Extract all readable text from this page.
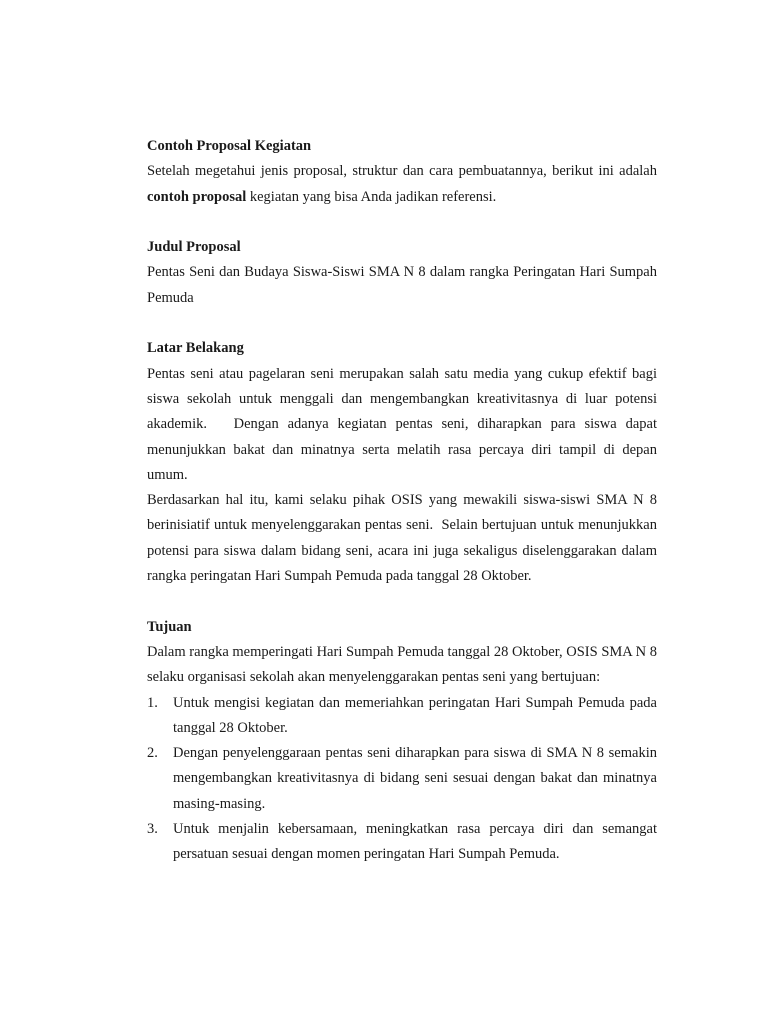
Contoh Proposal Kegiatan

Setelah megetahui jenis proposal, struktur dan cara pembuatannya, berikut ini adalah contoh proposal kegiatan yang bisa Anda jadikan referensi.

Judul Proposal

Pentas Seni dan Budaya Siswa-Siswi SMA N 8 dalam rangka Peringatan Hari Sumpah Pemuda

Latar Belakang

Pentas seni atau pagelaran seni merupakan salah satu media yang cukup efektif bagi siswa sekolah untuk menggali dan mengembangkan kreativitasnya di luar potensi akademik.   Dengan adanya kegiatan pentas seni, diharapkan para siswa dapat menunjukkan bakat dan minatnya serta melatih rasa percaya diri tampil di depan umum.

Berdasarkan hal itu, kami selaku pihak OSIS yang mewakili siswa-siswi SMA N 8 berinisiatif untuk menyelenggarakan pentas seni.  Selain bertujuan untuk menunjukkan potensi para siswa dalam bidang seni, acara ini juga sekaligus diselenggarakan dalam rangka peringatan Hari Sumpah Pemuda pada tanggal 28 Oktober.

Tujuan

Dalam rangka memperingati Hari Sumpah Pemuda tanggal 28 Oktober, OSIS SMA N 8 selaku organisasi sekolah akan menyelenggarakan pentas seni yang bertujuan:

1. Untuk mengisi kegiatan dan memeriahkan peringatan Hari Sumpah Pemuda pada tanggal 28 Oktober.
2. Dengan penyelenggaraan pentas seni diharapkan para siswa di SMA N 8 semakin mengembangkan kreativitasnya di bidang seni sesuai dengan bakat dan minatnya masing-masing.
3. Untuk menjalin kebersamaan, meningkatkan rasa percaya diri dan semangat persatuan sesuai dengan momen peringatan Hari Sumpah Pemuda.
